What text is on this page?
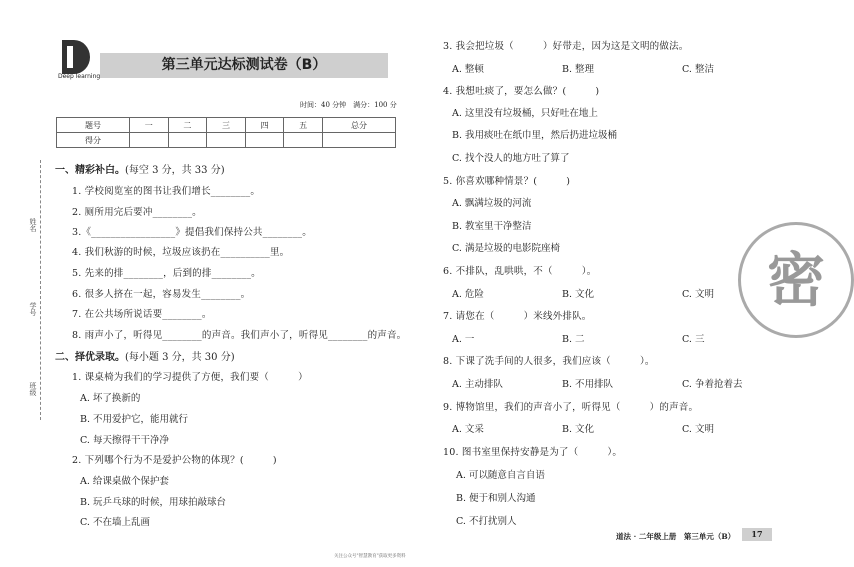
Deep learning
第三单元达标测试卷（B）
时间：40 分钟　满分：100 分
题号	一	二	三	四	五	总分
得分						
姓名
学号
班级
一、精彩补白。(每空 3 分，共 33 分)
1. 学校阅览室的图书让我们增长________。
2. 厕所用完后要冲________。
3.《_________________》提倡我们保持公共________。
4. 我们秋游的时候，垃圾应该扔在__________里。
5. 先来的排________，后到的排________。
6. 很多人挤在一起，容易发生________。
7. 在公共场所说话要________。
8. 雨声小了，听得见________的声音。我们声小了，听得见________的声音。
二、择优录取。(每小题 3 分，共 30 分)
1. 课桌椅为我们的学习提供了方便，我们要（　　　）
A. 坏了换新的
B. 不用爱护它，能用就行
C. 每天擦得干干净净
2. 下列哪个行为不是爱护公物的体现？(　　　)
A. 给课桌做个保护套
B. 玩乒乓球的时候，用球拍敲球台
C. 不在墙上乱画
3. 我会把垃圾（　　　）好带走，因为这是文明的做法。
A. 整顿	B. 整理	C. 整洁
4. 我想吐痰了，要怎么做？(　　　)
A. 这里没有垃圾桶，只好吐在地上
B. 我用痰吐在纸巾里，然后扔进垃圾桶
C. 找个没人的地方吐了算了
5. 你喜欢哪种情景？(　　　)
A. 飘满垃圾的河流
B. 教室里干净整洁
C. 满是垃圾的电影院座椅
6. 不排队，乱哄哄，不（　　　）。
A. 危险	B. 文化	C. 文明
7. 请您在（　　　）米线外排队。
A. 一	B. 二	C. 三
8. 下课了洗手间的人很多，我们应该（　　　）。
A. 主动排队	B. 不用排队	C. 争着抢着去
9. 博物馆里，我们的声音小了，听得见（　　　）的声音。
A. 文采	B. 文化	C. 文明
10. 图书室里保持安静是为了（　　　）。
A. 可以随意自言自语
B. 便于和别人沟通
C. 不打扰别人
密
道法 · 二年级上册　第三单元（B）	17
关注公众号"智慧教育"获取更多资料
